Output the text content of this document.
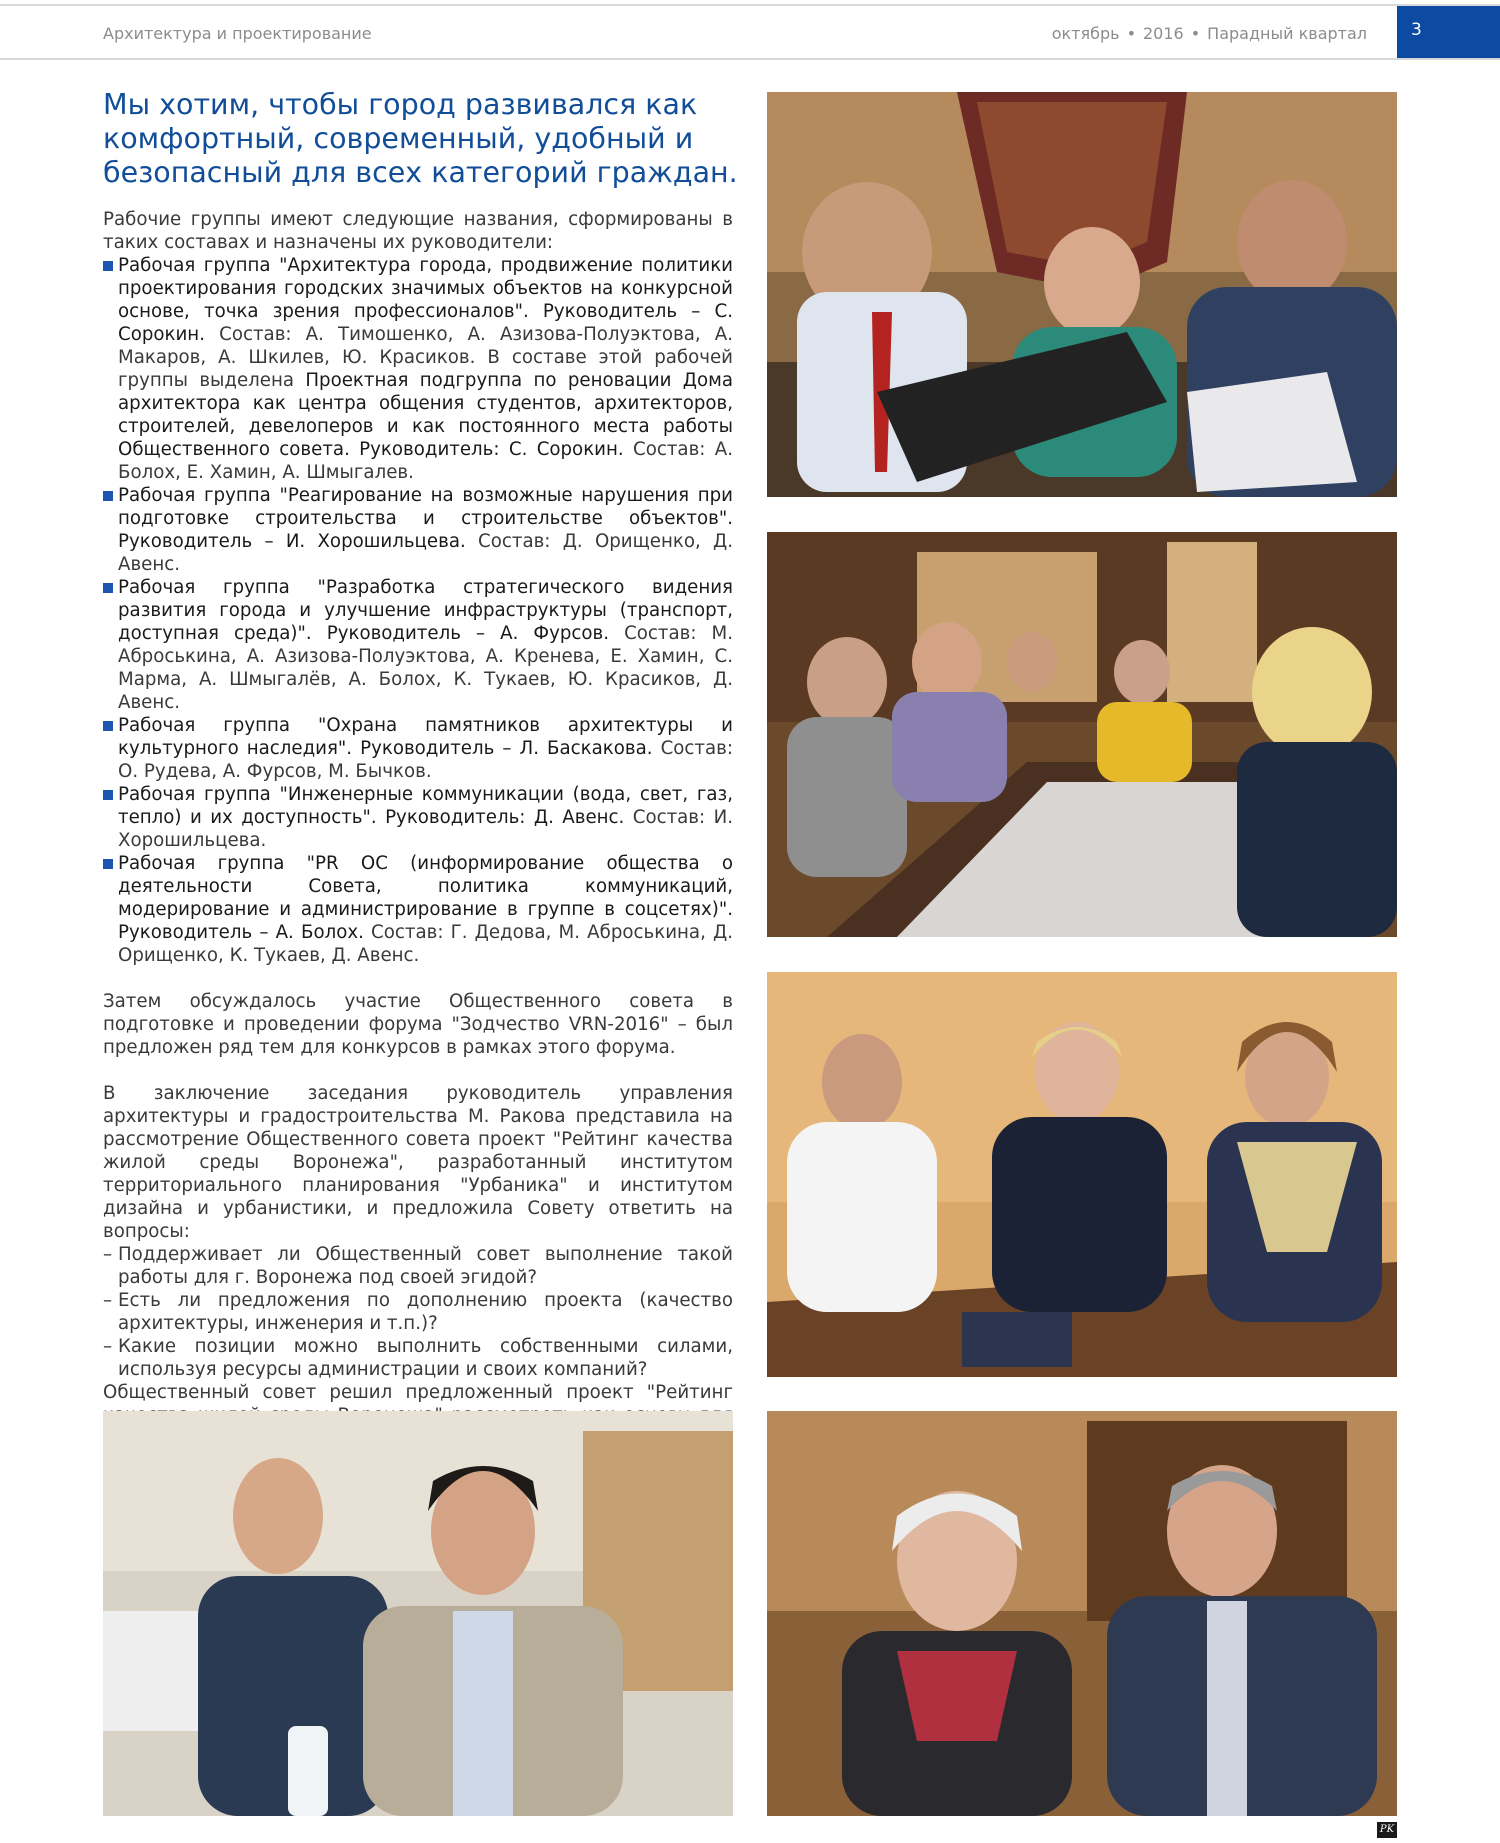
Архитектура и проектирование	октябрь • 2016 • Парадный квартал	3
Мы хотим, чтобы город развивался как комфортный, современный, удобный и безопасный для всех категорий граждан.

Рабочие группы имеют следующие названия, сформированы в таких составах и назначены их руководители:

Рабочая группа "Архитектура города, продвижение политики проектирования городских значимых объектов на конкурсной основе, точка зрения профессионалов". Руководитель – С. Сорокин. Состав: А. Тимошенко, А. Азизова-Полуэктова, А. Макаров, А. Шкилев, Ю. Красиков. В составе этой рабочей группы выделена Проектная подгруппа по реновации Дома архитектора как центра общения студентов, архитекторов, строителей, девелоперов и как постоянного места работы Общественного совета. Руководитель: С. Сорокин. Состав: А. Болох, Е. Хамин, А. Шмыгалев.
Рабочая группа "Реагирование на возможные нарушения при подготовке строительства и строительстве объектов". Руководитель – И. Хорошильцева. Состав: Д. Орищенко, Д. Авенс.
Рабочая группа "Разработка стратегического видения развития города и улучшение инфраструктуры (транспорт, доступная среда)". Руководитель – А. Фурсов. Состав: М. Аброськина, А. Азизова-Полуэктова, А. Кренева, Е. Хамин, С. Марма, А. Шмыгалёв, А. Болох, К. Тукаев, Ю. Красиков, Д. Авенс.
Рабочая группа "Охрана памятников архитектуры и культурного наследия". Руководитель – Л. Баскакова. Состав: О. Рудева, А. Фурсов, М. Бычков.
Рабочая группа "Инженерные коммуникации (вода, свет, газ, тепло) и их доступность". Руководитель: Д. Авенс. Состав: И. Хорошильцева.
Рабочая группа "PR ОС (информирование общества о деятельности Совета, политика коммуникаций, модерирование и администрирование в группе в соцсетях)". Руководитель – А. Болох. Состав: Г. Дедова, М. Аброськина, Д. Орищенко, К. Тукаев, Д. Авенс.

Затем обсуждалось участие Общественного совета в подготовке и проведении форума "Зодчество VRN-2016" – был предложен ряд тем для конкурсов в рамках этого форума.

В заключение заседания руководитель управления архитектуры и градостроительства М. Ракова представила на рассмотрение Общественного совета проект "Рейтинг качества жилой среды Воронежа", разработанный институтом территориального планирования "Урбаника" и институтом дизайна и урбанистики, и предложила Совету ответить на вопросы:

– Поддерживает ли Общественный совет выполнение такой работы для г. Воронежа под своей эгидой?
– Есть ли предложения по дополнению проекта (качество архитектуры, инженерия и т.п.)?
– Какие позиции можно выполнить собственными силами, используя ресурсы администрации и своих компаний?

Общественный совет решил предложенный проект "Рейтинг

PK
